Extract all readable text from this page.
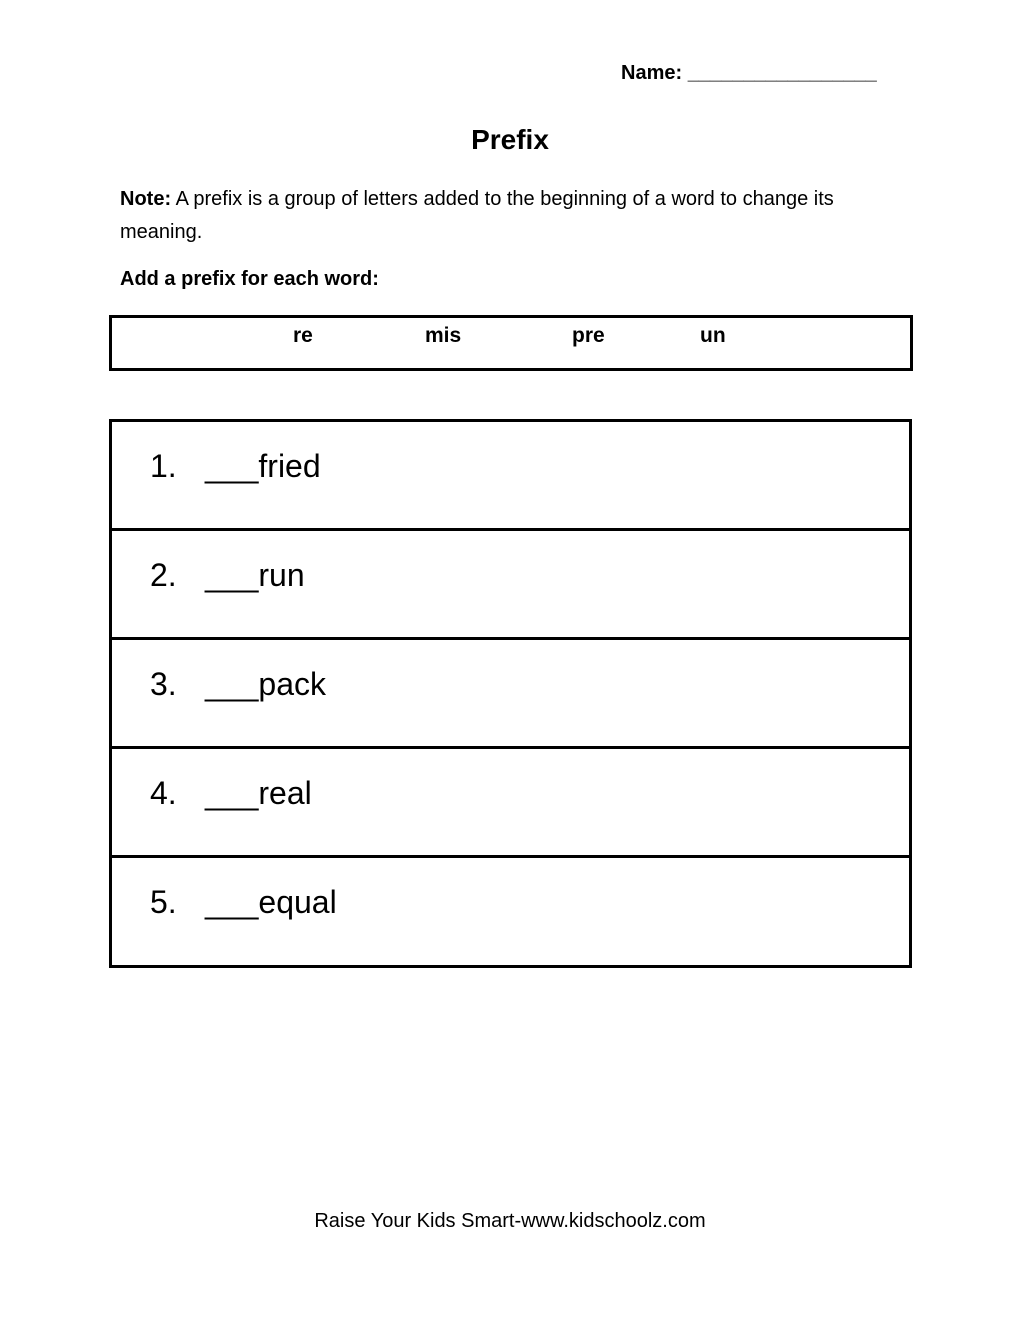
Name: _________________
Prefix
Note: A prefix is a group of letters added to the beginning of a word to change its meaning.
Add a prefix for each word:
re	mis	pre	un
1. ___fried
2. ___run
3. ___pack
4. ___real
5. ___equal
Raise Your Kids Smart-www.kidschoolz.com
